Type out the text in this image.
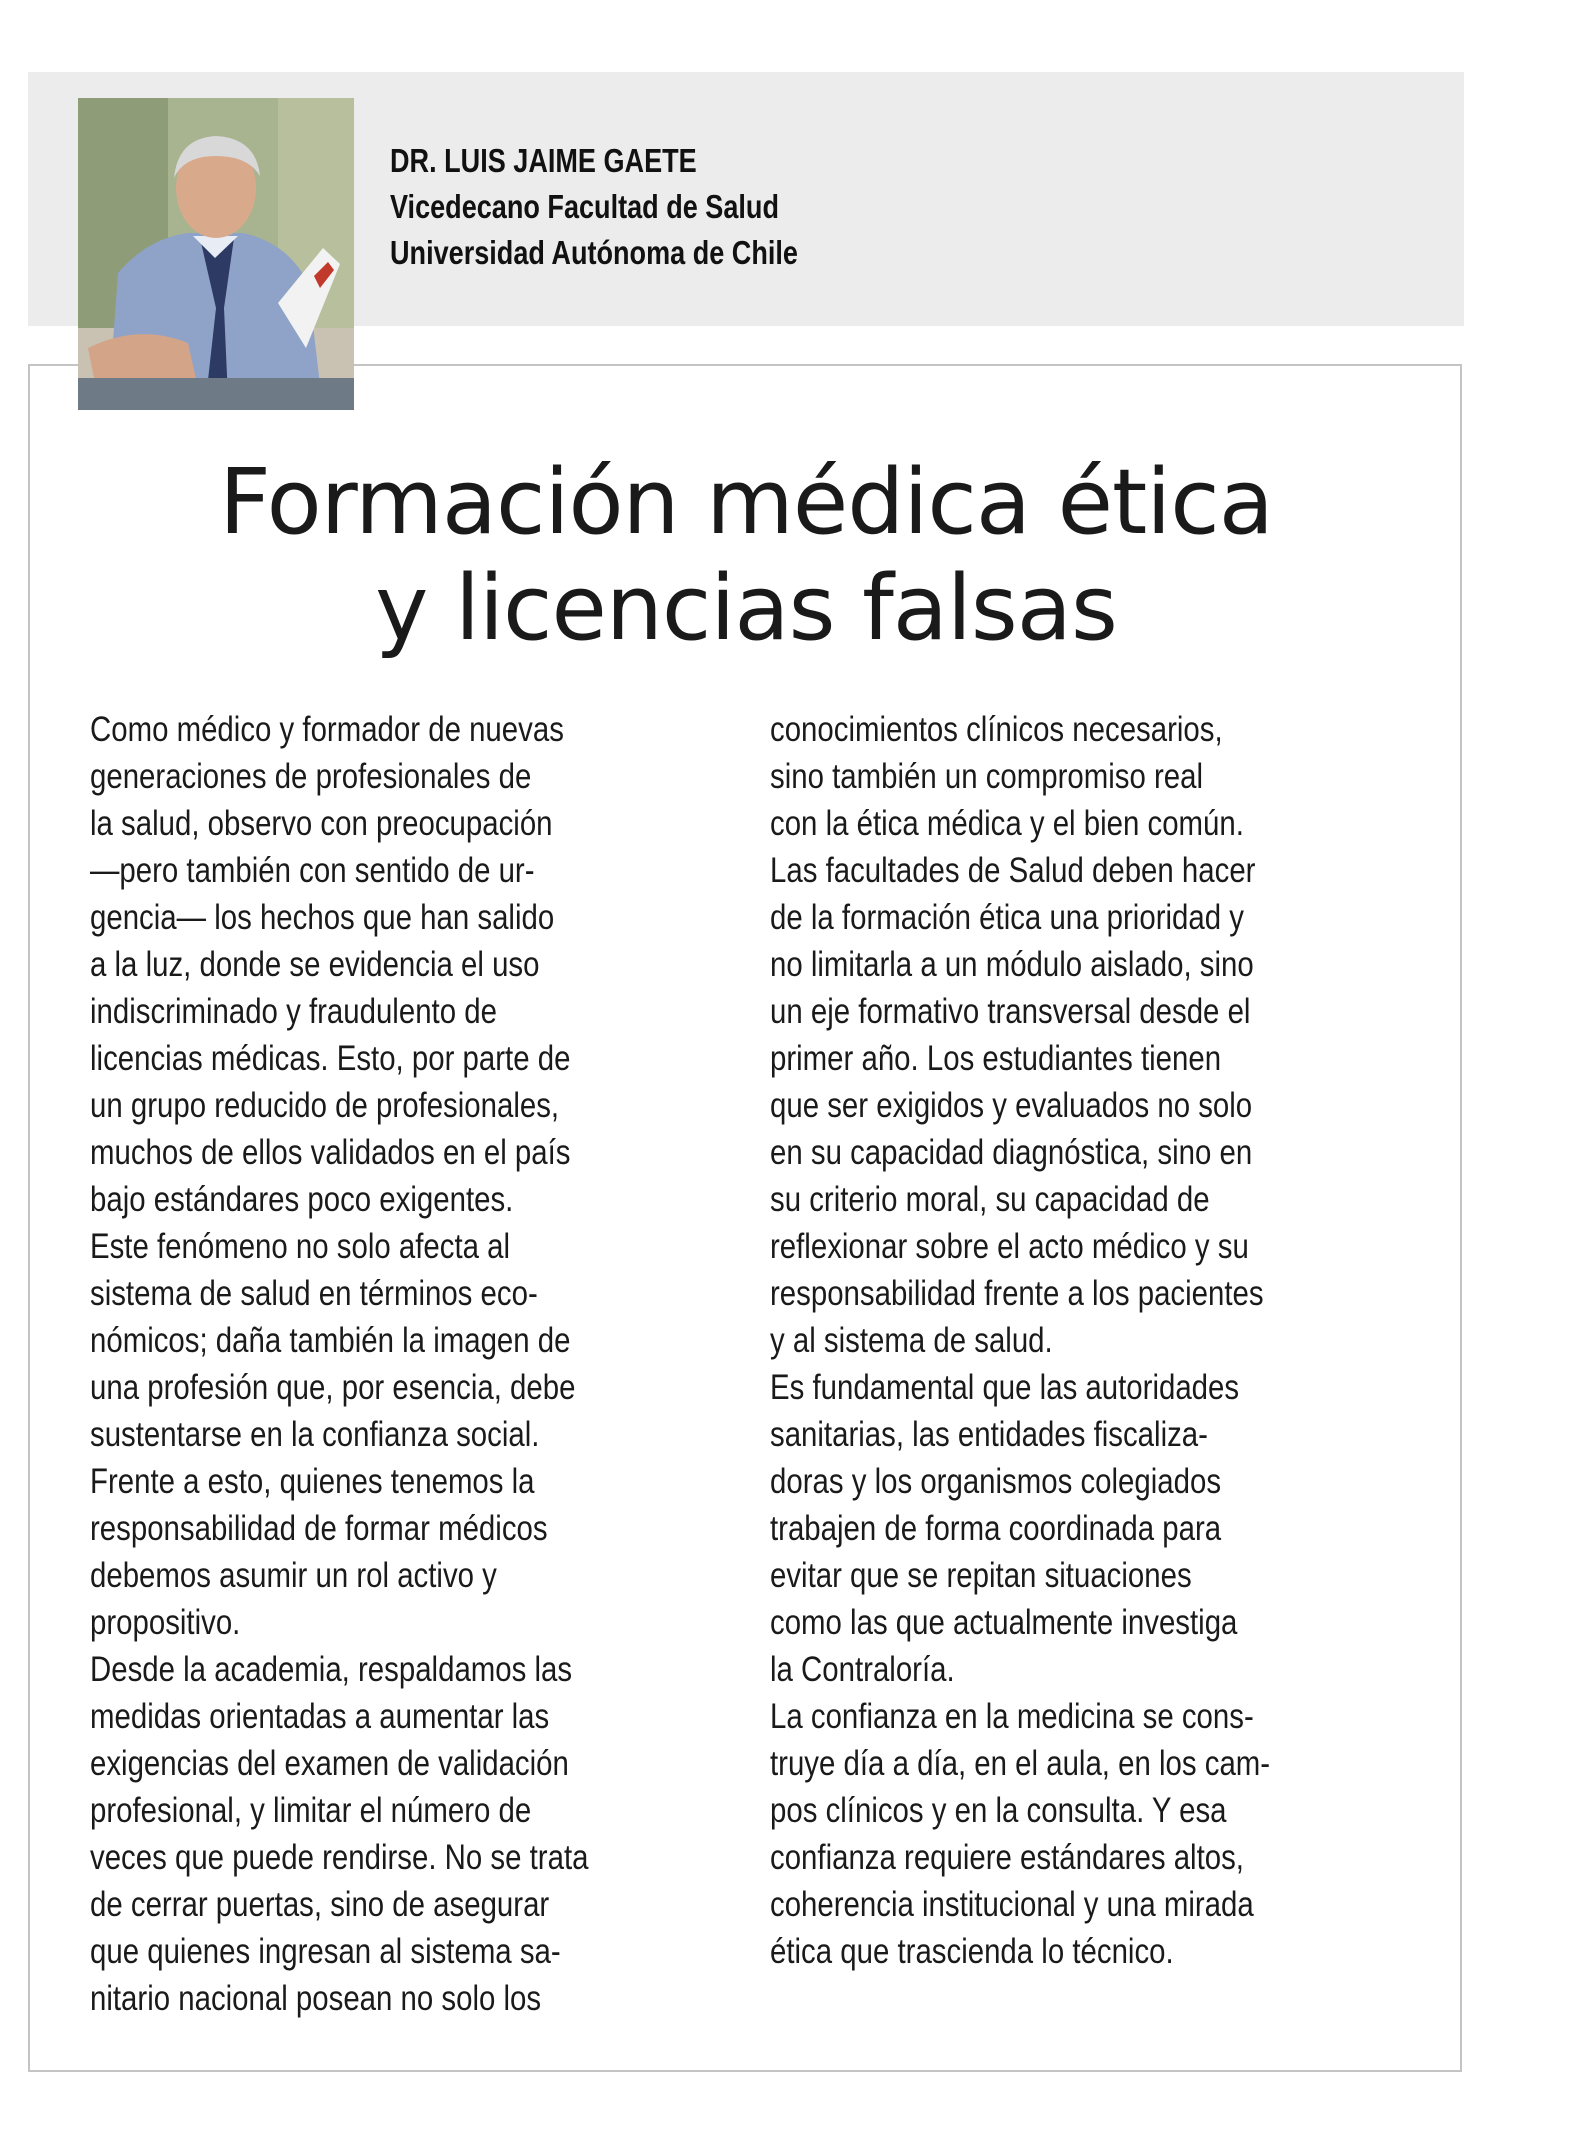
DR. LUIS JAIME GAETE
Vicedecano Facultad de Salud
Universidad Autónoma de Chile
Formación médica ética
y licencias falsas
Como médico y formador de nuevas
generaciones de profesionales de
la salud, observo con preocupación
—pero también con sentido de ur-
gencia— los hechos que han salido
a la luz, donde se evidencia el uso
indiscriminado y fraudulento de
licencias médicas. Esto, por parte de
un grupo reducido de profesionales,
muchos de ellos validados en el país
bajo estándares poco exigentes.
Este fenómeno no solo afecta al
sistema de salud en términos eco-
nómicos; daña también la imagen de
una profesión que, por esencia, debe
sustentarse en la confianza social.
Frente a esto, quienes tenemos la
responsabilidad de formar médicos
debemos asumir un rol activo y
propositivo.
Desde la academia, respaldamos las
medidas orientadas a aumentar las
exigencias del examen de validación
profesional, y limitar el número de
veces que puede rendirse. No se trata
de cerrar puertas, sino de asegurar
que quienes ingresan al sistema sa-
nitario nacional posean no solo los
conocimientos clínicos necesarios,
sino también un compromiso real
con la ética médica y el bien común.
Las facultades de Salud deben hacer
de la formación ética una prioridad y
no limitarla a un módulo aislado, sino
un eje formativo transversal desde el
primer año. Los estudiantes tienen
que ser exigidos y evaluados no solo
en su capacidad diagnóstica, sino en
su criterio moral, su capacidad de
reflexionar sobre el acto médico y su
responsabilidad frente a los pacientes
y al sistema de salud.
Es fundamental que las autoridades
sanitarias, las entidades fiscaliza-
doras y los organismos colegiados
trabajen de forma coordinada para
evitar que se repitan situaciones
como las que actualmente investiga
la Contraloría.
La confianza en la medicina se cons-
truye día a día, en el aula, en los cam-
pos clínicos y en la consulta. Y esa
confianza requiere estándares altos,
coherencia institucional y una mirada
ética que trascienda lo técnico.
